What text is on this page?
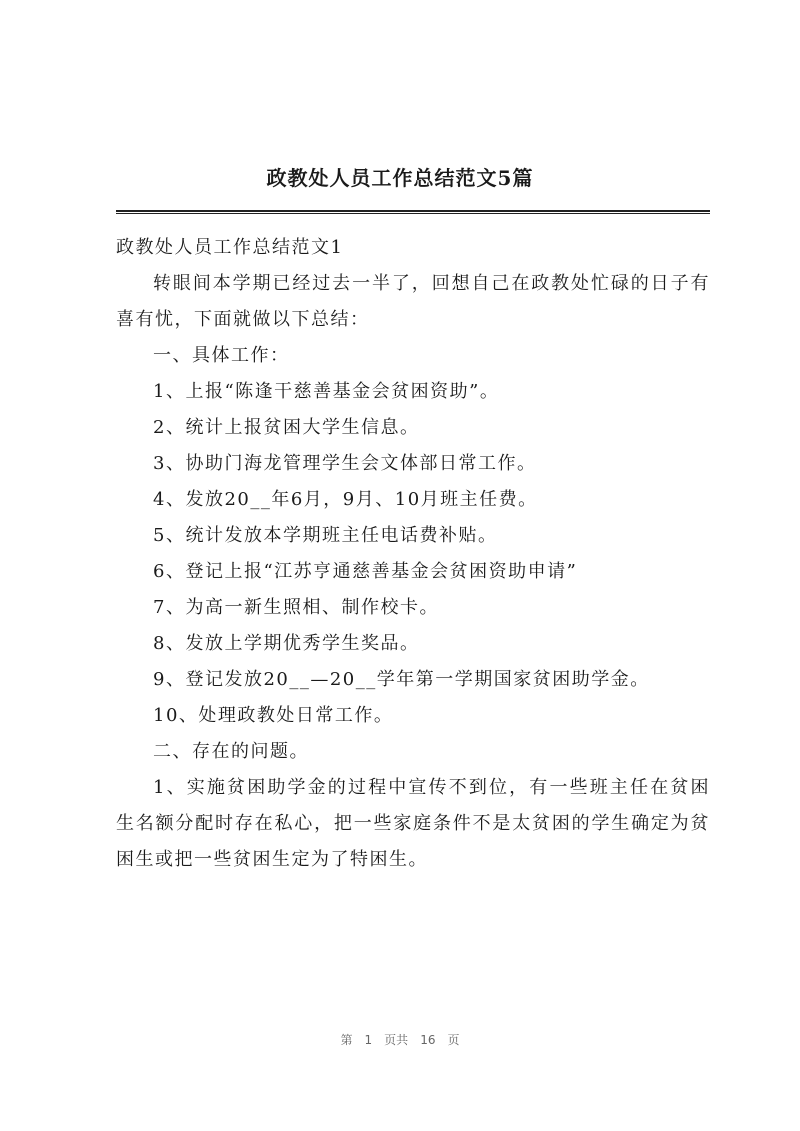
政教处人员工作总结范文5篇

政教处人员工作总结范文1

转眼间本学期已经过去一半了，回想自己在政教处忙碌的日子有喜有忧，下面就做以下总结：

一、具体工作：

1、上报“陈逢干慈善基金会贫困资助”。

2、统计上报贫困大学生信息。

3、协助门海龙管理学生会文体部日常工作。

4、发放20__年6月，9月、10月班主任费。

5、统计发放本学期班主任电话费补贴。

6、登记上报“江苏亨通慈善基金会贫困资助申请”

7、为高一新生照相、制作校卡。

8、发放上学期优秀学生奖品。

9、登记发放20__—20__学年第一学期国家贫困助学金。

10、处理政教处日常工作。

二、存在的问题。

1、实施贫困助学金的过程中宣传不到位，有一些班主任在贫困生名额分配时存在私心，把一些家庭条件不是太贫困的学生确定为贫困生或把一些贫困生定为了特困生。

第 1 页共 16 页
